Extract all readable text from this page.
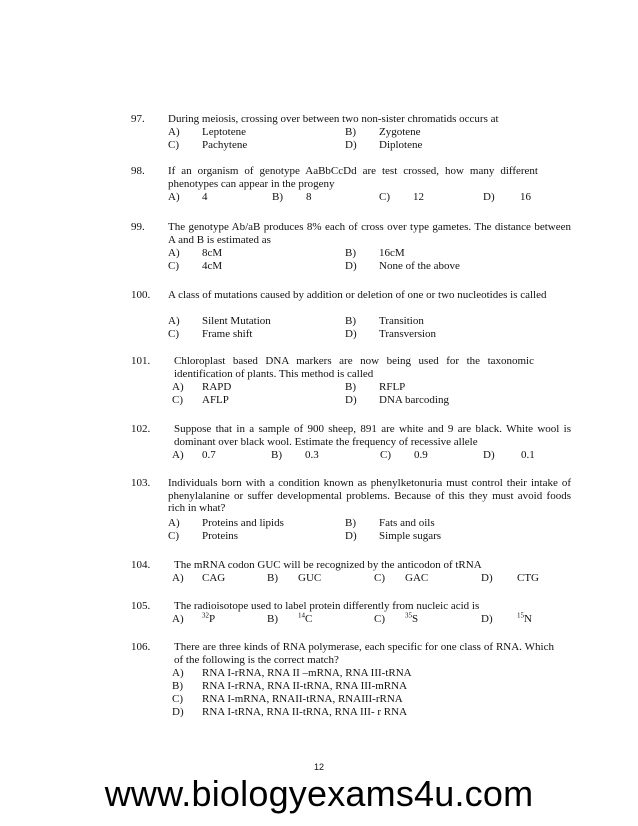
97. During meiosis, crossing over between two non-sister chromatids occurs at
A) Leptotene	B) Zygotene
C) Pachytene	D) Diplotene
98. If an organism of genotype AaBbCcDd are test crossed, how many different phenotypes can appear in the progeny
A) 4	B) 8	C) 12	D) 16
99. The genotype Ab/aB produces 8% each of cross over type gametes. The distance between A and B is estimated as
A) 8cM	B) 16cM
C) 4cM	D) None of the above
100. A class of mutations caused by addition or deletion of one or two nucleotides is called
A) Silent Mutation	B) Transition
C) Frame shift	D) Transversion
101. Chloroplast based DNA markers are now being used for the taxonomic identification of plants. This method is called
A) RAPD	B) RFLP
C) AFLP	D) DNA barcoding
102. Suppose that in a sample of 900 sheep, 891 are white and 9 are black. White wool is dominant over black wool. Estimate the frequency of recessive allele
A) 0.7	B) 0.3	C) 0.9	D) 0.1
103. Individuals born with a condition known as phenylketonuria must control their intake of phenylalanine or suffer developmental problems. Because of this they must avoid foods rich in what?
A) Proteins and lipids	B) Fats and oils
C) Proteins	D) Simple sugars
104. The mRNA codon GUC will be recognized by the anticodon of tRNA
A) CAG	B) GUC	C) GAC	D) CTG
105. The radioisotope used to label protein differently from nucleic acid is
A)	$^{32}$P	B)	$^{14}$C	C)	$^{35}$S	D)	$^{15}$N
106. There are three kinds of RNA polymerase, each specific for one class of RNA. Which of the following is the correct match?
A) RNA I-rRNA, RNA II –mRNA, RNA III-tRNA
B) RNA I-rRNA, RNA II-tRNA, RNA III-mRNA
C) RNA I-mRNA, RNAII-tRNA, RNAIII-rRNA
D) RNA I-tRNA, RNA II-tRNA, RNA III- r RNA
12
www.biologyexams4u.com
